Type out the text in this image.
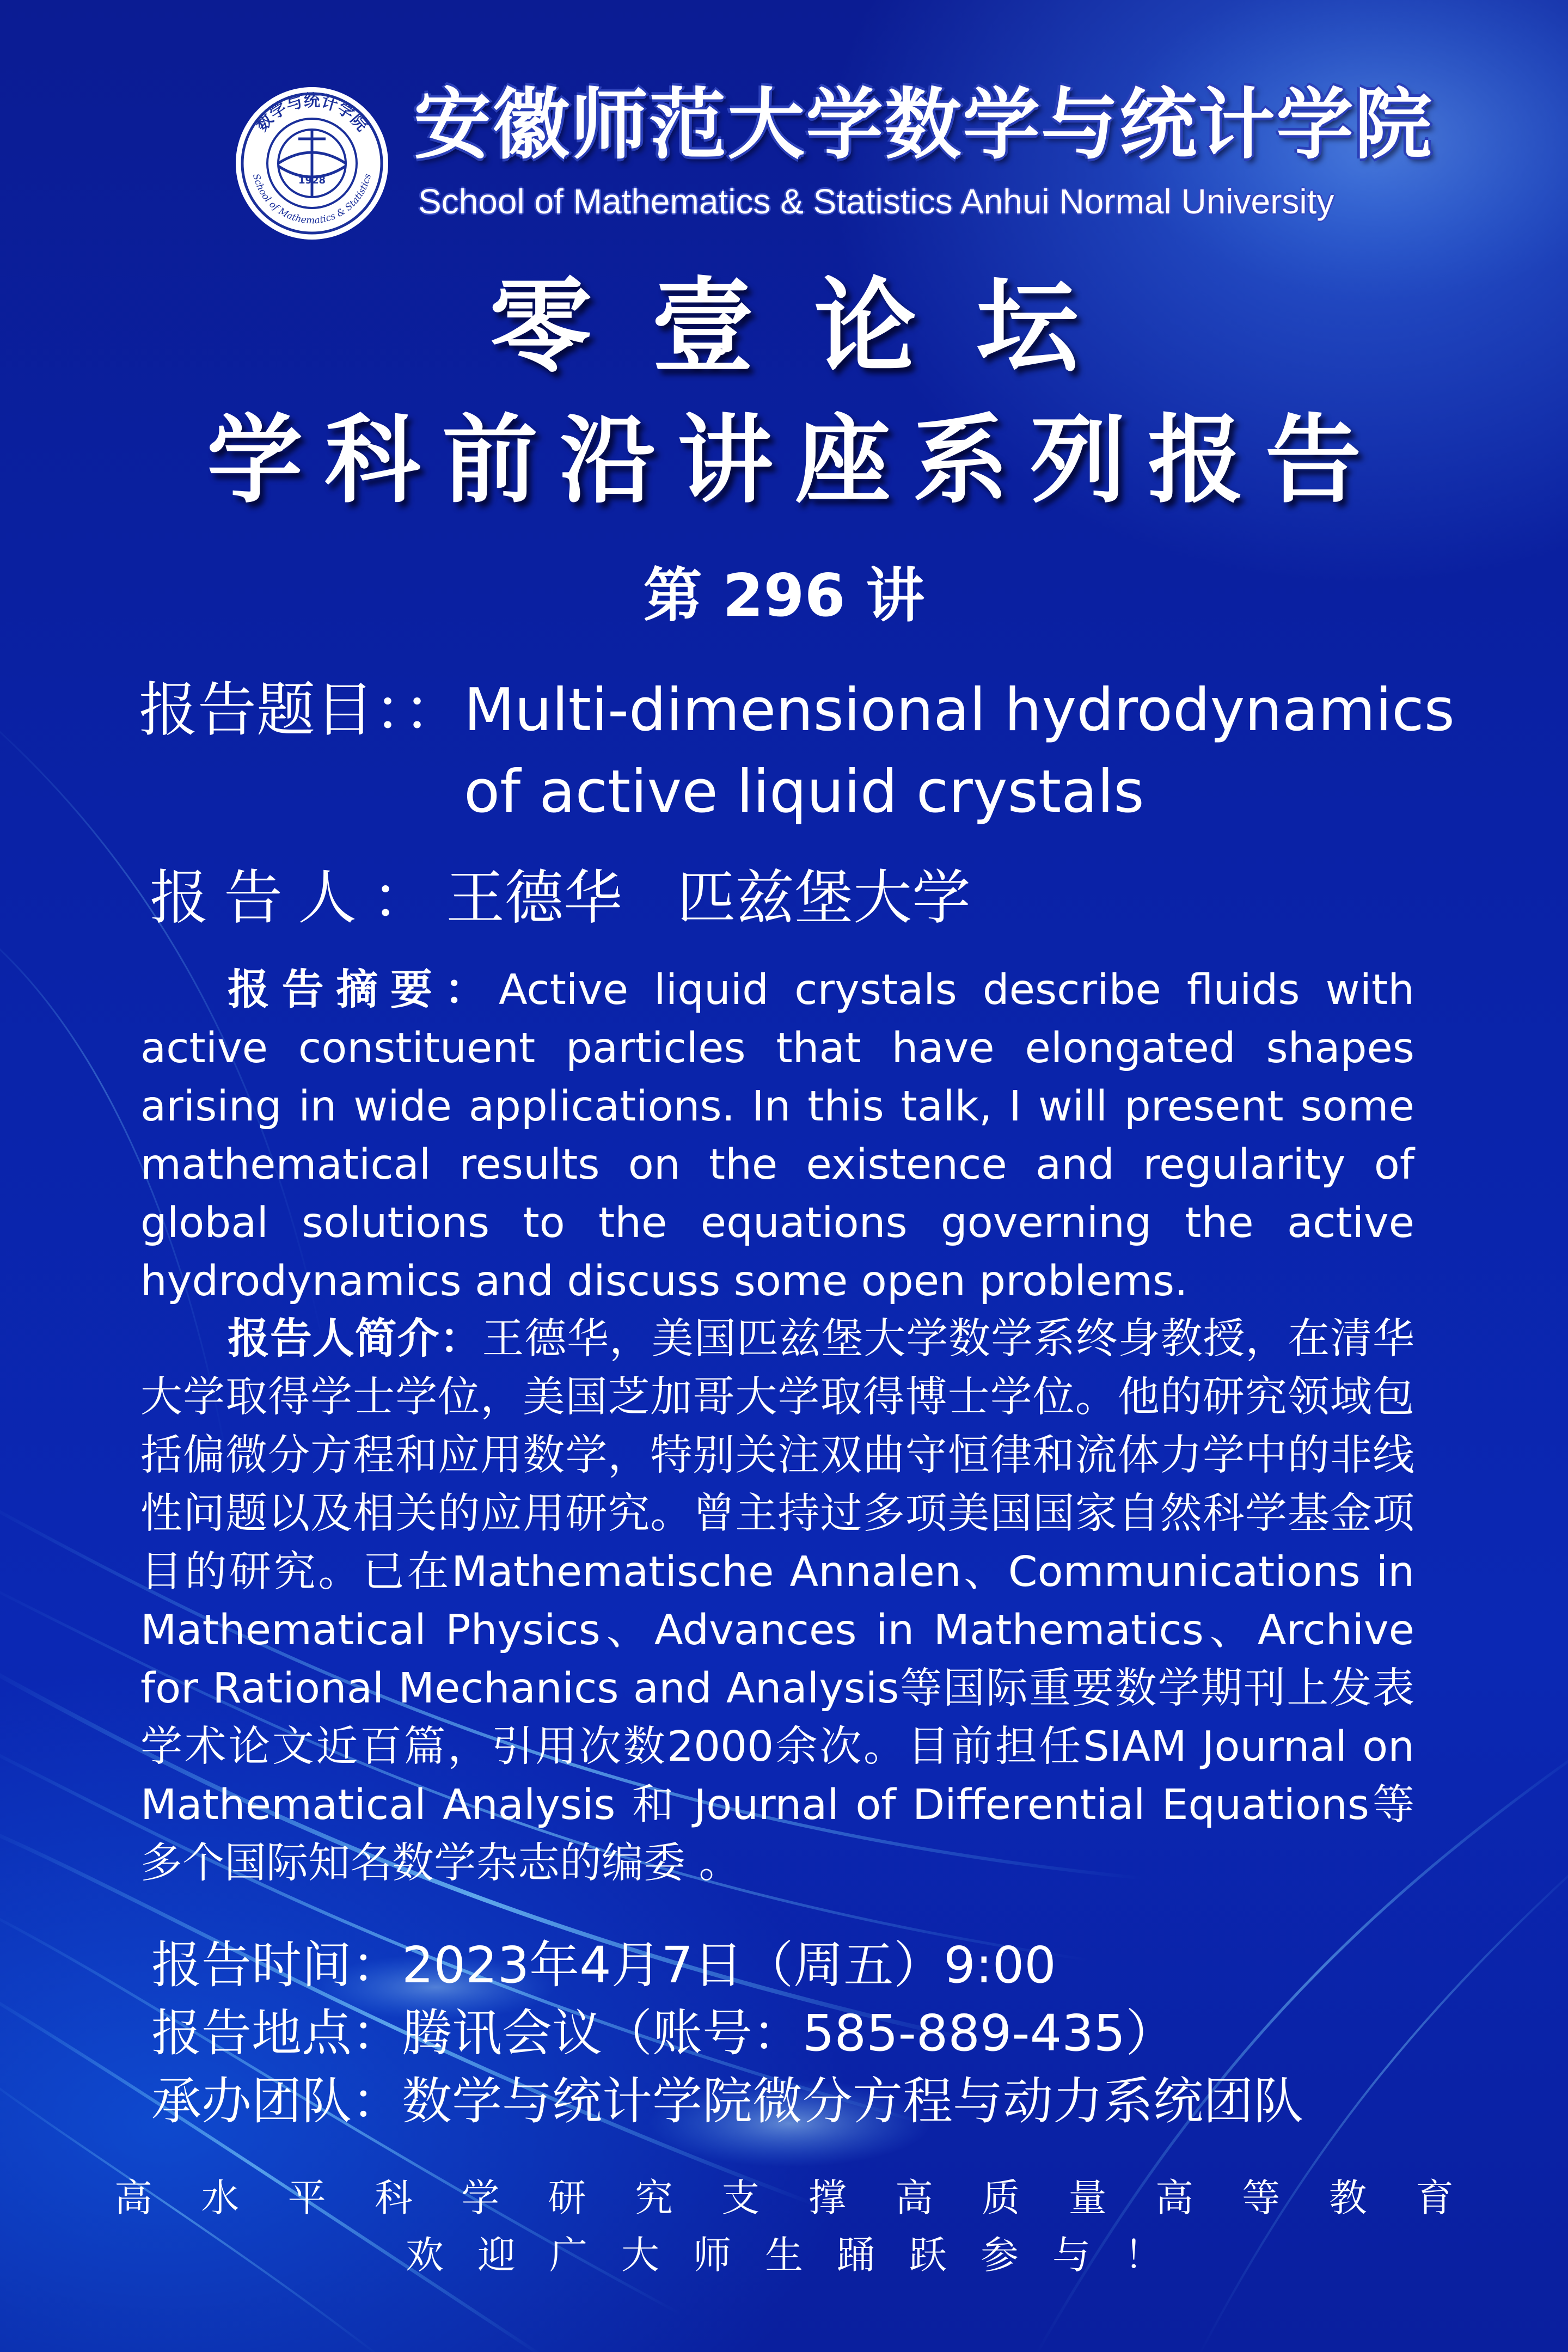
数学与统计学院
School of Mathematics & Statistics
1928
安徽师范大学数学与统计学院
School of Mathematics & Statistics Anhui Normal University
零壹论坛
学科前沿讲座系列报告
第 296 讲
报告题目：： Multi-dimensional hydrodynamics of active liquid crystals
报告人：王德华 匹兹堡大学
报告摘要：Active liquid crystals describe fluids with active constituent particles that have elongated shapes arising in wide applications. In this talk, I will present some mathematical results on the existence and regularity of global solutions to the equations governing the active hydrodynamics and discuss some open problems.
报告人简介：王德华，美国匹兹堡大学数学系终身教授，在清华大学取得学士学位，美国芝加哥大学取得博士学位。他的研究领域包括偏微分方程和应用数学，特别关注双曲守恒律和流体力学中的非线性问题以及相关的应用研究。曾主持过多项美国国家自然科学基金项目的研究。已在Mathematische Annalen、Communications in Mathematical Physics、Advances in Mathematics、Archive for Rational Mechanics and Analysis等国际重要数学期刊上发表学术论文近百篇，引用次数2000余次。目前担任SIAM Journal on Mathematical Analysis 和 Journal of Differential Equations等多个国际知名数学杂志的编委 。
报告时间：2023年4月7日（周五）9:00
报告地点：腾讯会议（账号：585-889-435）
承办团队：数学与统计学院微分方程与动力系统团队
高 水 平 科 学 研 究 支 撑 高 质 量 高 等 教 育
欢迎广大师生踊跃参与！
